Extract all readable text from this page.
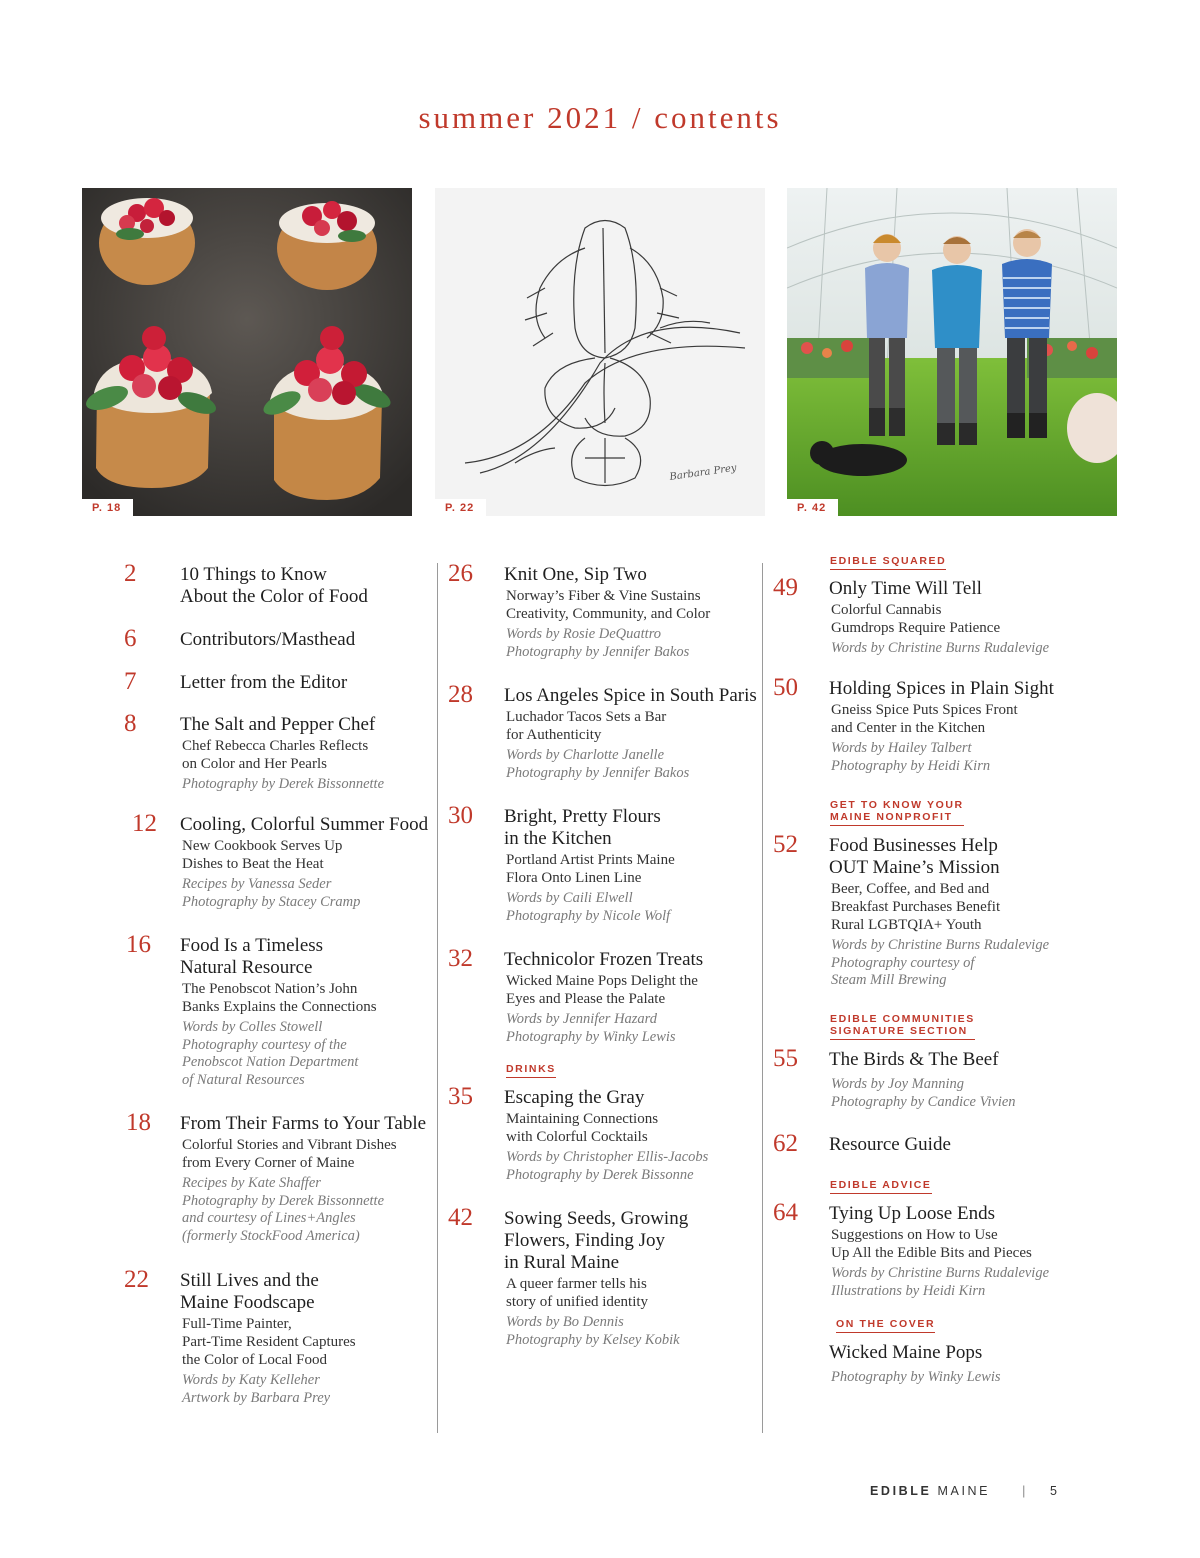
summer 2021 / contents
P. 18
Barbara Prey
P. 22	P. 42
2 10 Things to Know
About the Color of Food
6 Contributors/Masthead
7 Letter from the Editor
8 The Salt and Pepper Chef
Chef Rebecca Charles Reflects
on Color and Her Pearls
Photography by Derek Bissonnette
12 Cooling, Colorful Summer Food
New Cookbook Serves Up
Dishes to Beat the Heat
Recipes by Vanessa Seder
Photography by Stacey Cramp
16 Food Is a Timeless
Natural Resource
The Penobscot Nation’s John
Banks Explains the Connections
Words by Colles Stowell
Photography courtesy of the
Penobscot Nation Department
of Natural Resources
18 From Their Farms to Your Table
Colorful Stories and Vibrant Dishes
from Every Corner of Maine
Recipes by Kate Shaffer
Photography by Derek Bissonnette
and courtesy of Lines+Angles
(formerly StockFood America)
22 Still Lives and the
Maine Foodscape
Full-Time Painter,
Part-Time Resident Captures
the Color of Local Food
Words by Katy Kelleher
Artwork by Barbara Prey
26 Knit One, Sip Two
Norway’s Fiber & Vine Sustains
Creativity, Community, and Color
Words by Rosie DeQuattro
Photography by Jennifer Bakos
28 Los Angeles Spice in South Paris
Luchador Tacos Sets a Bar
for Authenticity
Words by Charlotte Janelle
Photography by Jennifer Bakos
30 Bright, Pretty Flours
in the Kitchen
Portland Artist Prints Maine
Flora Onto Linen Line
Words by Caili Elwell
Photography by Nicole Wolf
32 Technicolor Frozen Treats
Wicked Maine Pops Delight the
Eyes and Please the Palate
Words by Jennifer Hazard
Photography by Winky Lewis
DRINKS
35 Escaping the Gray
Maintaining Connections
with Colorful Cocktails
Words by Christopher Ellis-Jacobs
Photography by Derek Bissonne
42 Sowing Seeds, Growing
Flowers, Finding Joy
in Rural Maine
A queer farmer tells his
story of unified identity
Words by Bo Dennis
Photography by Kelsey Kobik
EDIBLE SQUARED
49 Only Time Will Tell
Colorful Cannabis
Gumdrops Require Patience
Words by Christine Burns Rudalevige
50 Holding Spices in Plain Sight
Gneiss Spice Puts Spices Front
and Center in the Kitchen
Words by Hailey Talbert
Photography by Heidi Kirn
GET TO KNOW YOUR
MAINE NONPROFIT
52 Food Businesses Help
OUT Maine’s Mission
Beer, Coffee, and Bed and
Breakfast Purchases Benefit
Rural LGBTQIA+ Youth
Words by Christine Burns Rudalevige
Photography courtesy of
Steam Mill Brewing
EDIBLE COMMUNITIES
SIGNATURE SECTION
55 The Birds & The Beef
Words by Joy Manning
Photography by Candice Vivien
62 Resource Guide
EDIBLE ADVICE
64 Tying Up Loose Ends
Suggestions on How to Use
Up All the Edible Bits and Pieces
Words by Christine Burns Rudalevige
Illustrations by Heidi Kirn
ON THE COVER
Wicked Maine Pops
Photography by Winky Lewis
EDIBLE MAINE	| 5
